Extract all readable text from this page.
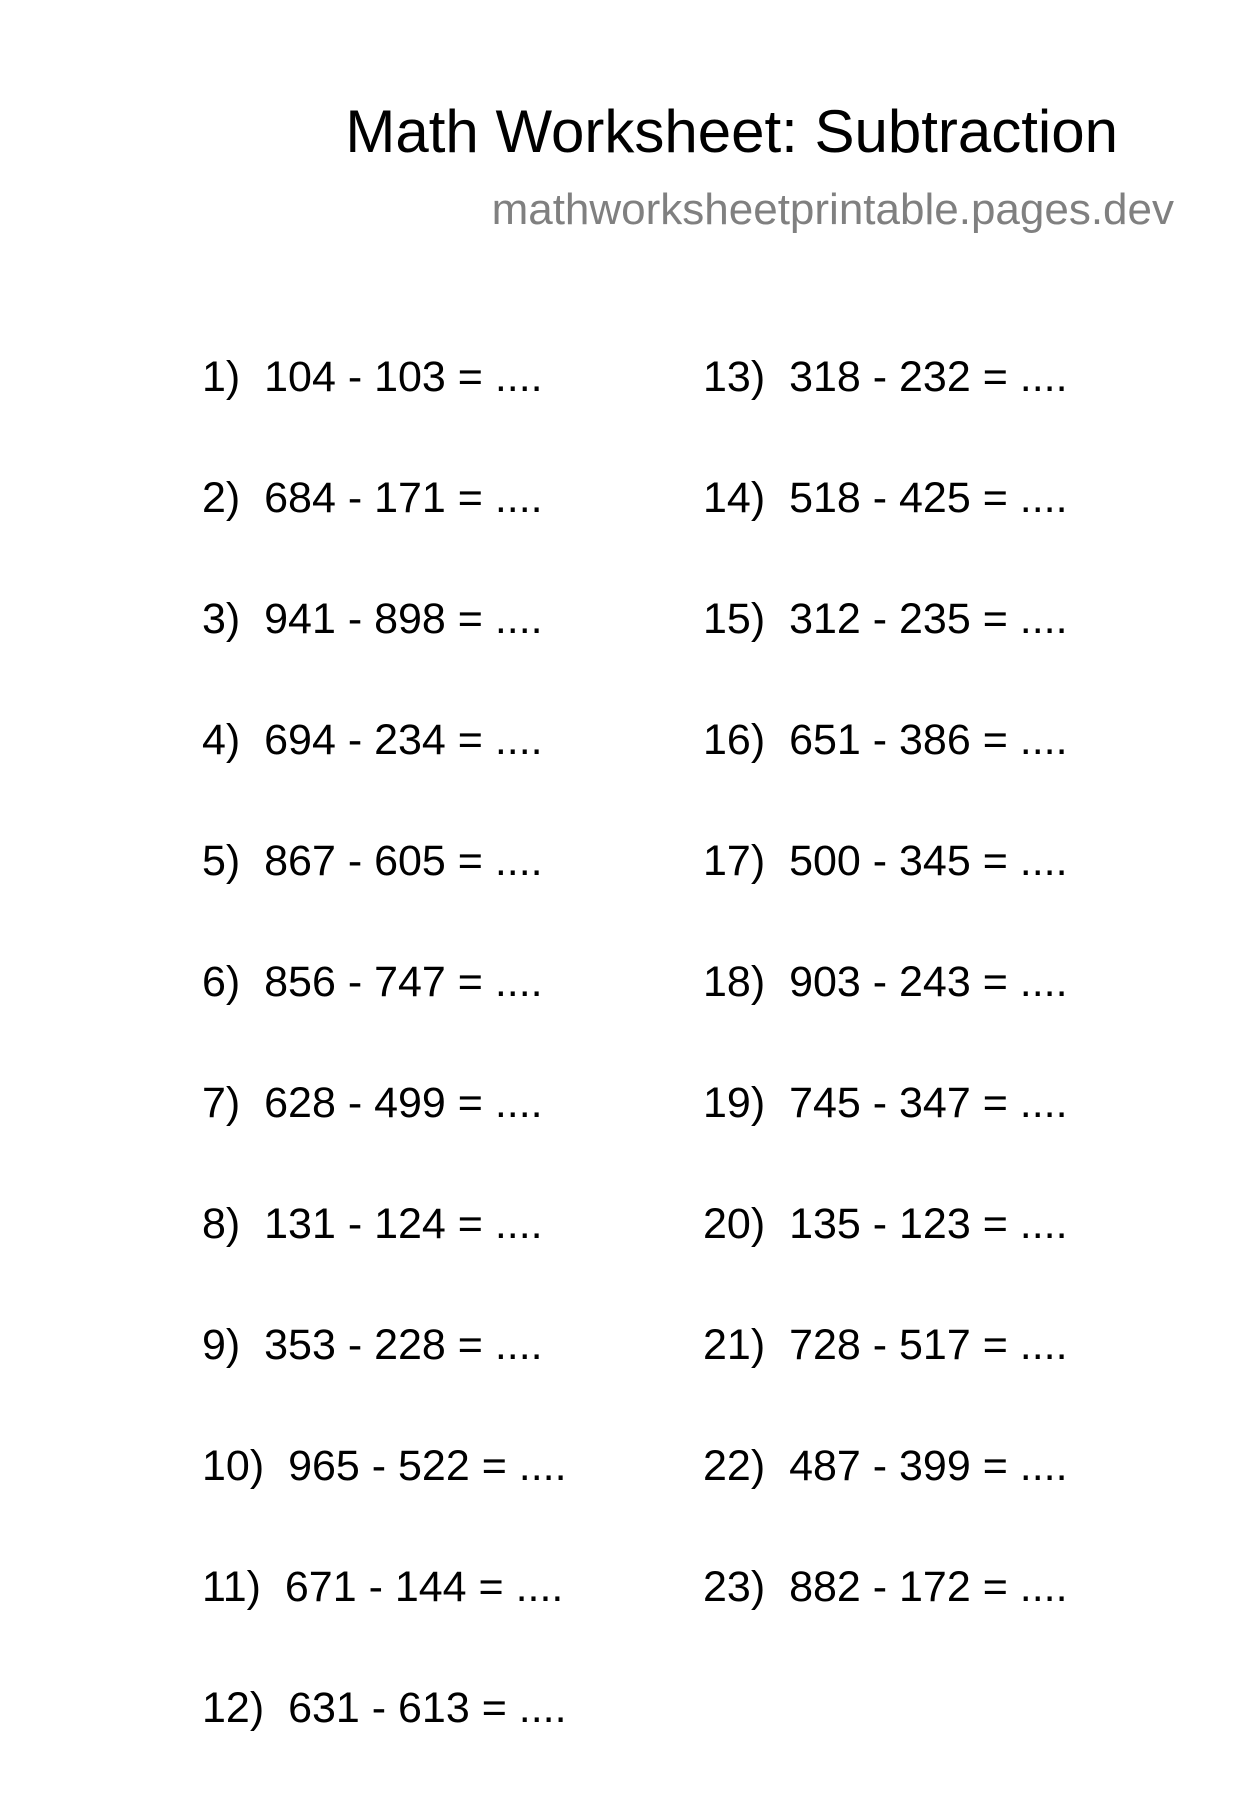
Math Worksheet: Subtraction
mathworksheetprintable.pages.dev
1) 104 - 103 = ....
2) 684 - 171 = ....
3) 941 - 898 = ....
4) 694 - 234 = ....
5) 867 - 605 = ....
6) 856 - 747 = ....
7) 628 - 499 = ....
8) 131 - 124 = ....
9) 353 - 228 = ....
10) 965 - 522 = ....
11) 671 - 144 = ....
12) 631 - 613 = ....
13) 318 - 232 = ....
14) 518 - 425 = ....
15) 312 - 235 = ....
16) 651 - 386 = ....
17) 500 - 345 = ....
18) 903 - 243 = ....
19) 745 - 347 = ....
20) 135 - 123 = ....
21) 728 - 517 = ....
22) 487 - 399 = ....
23) 882 - 172 = ....
